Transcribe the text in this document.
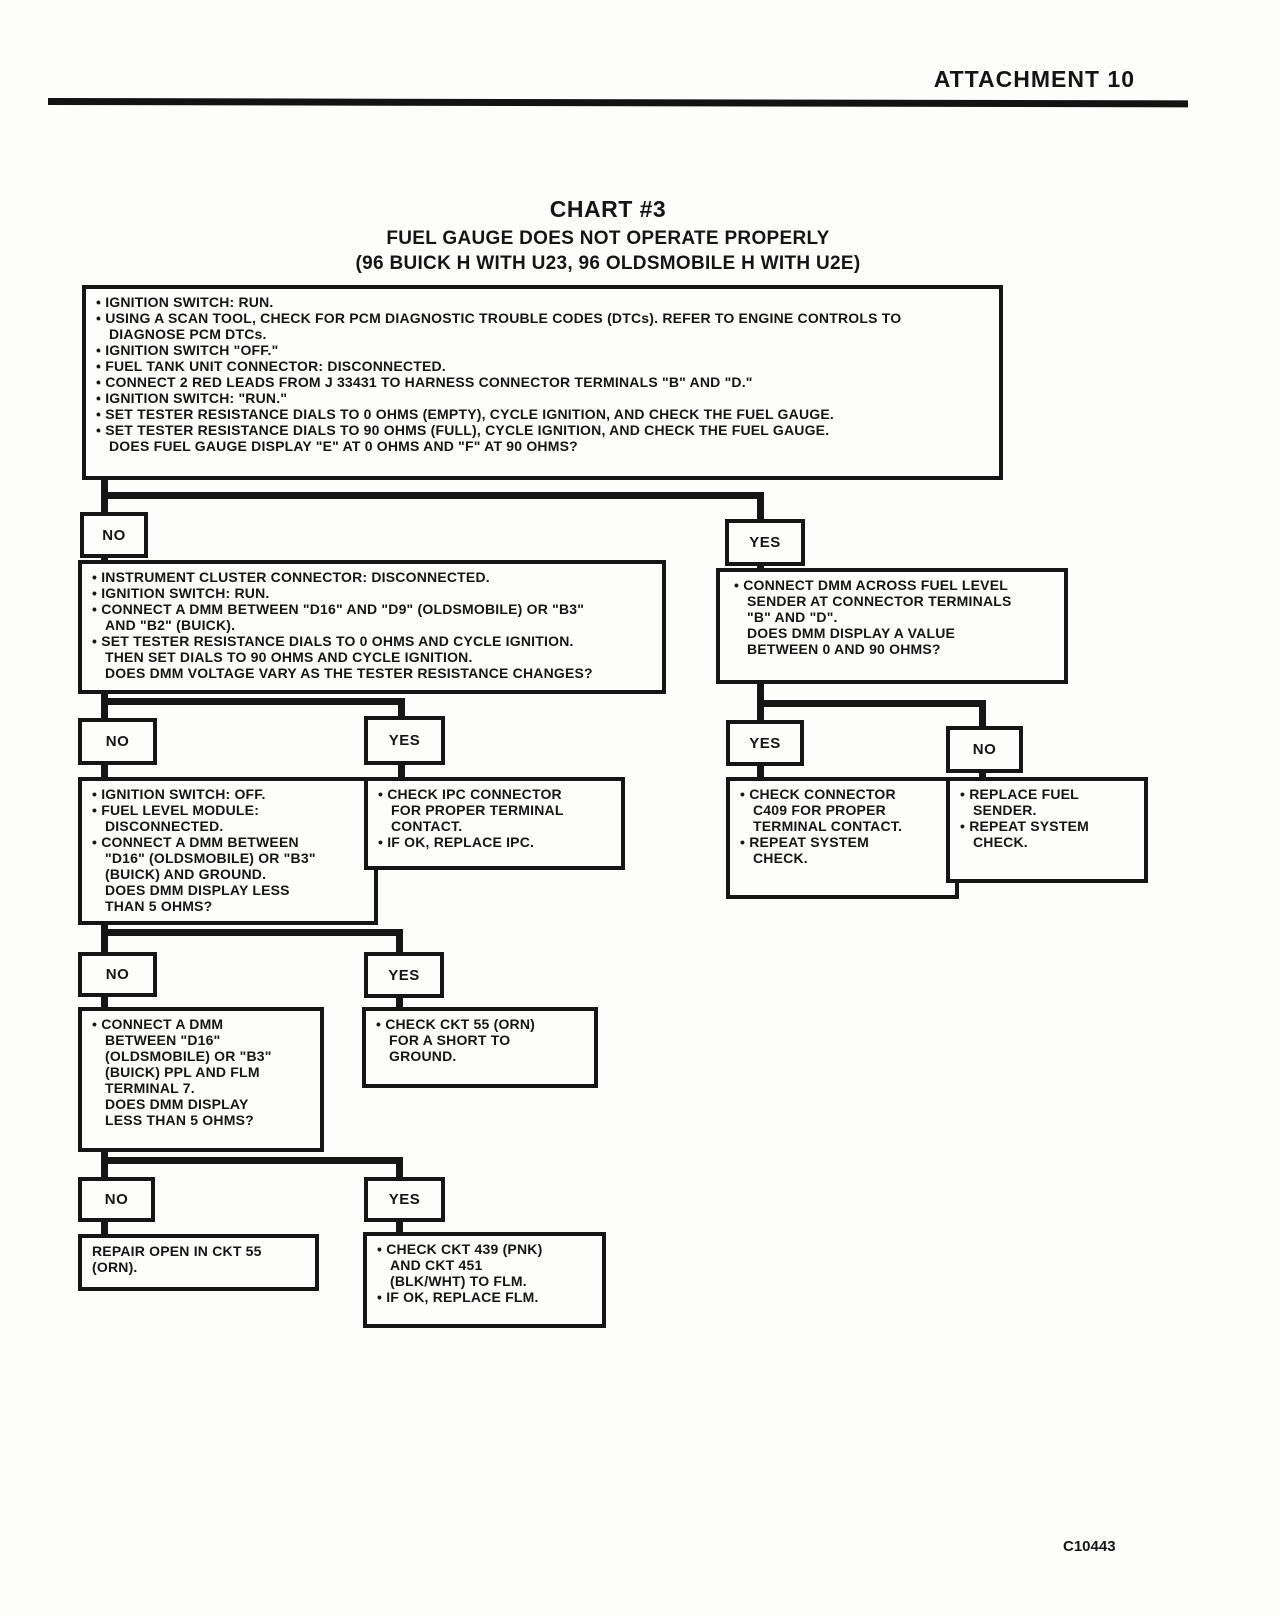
ATTACHMENT 10
CHART #3
FUEL GAUGE DOES NOT OPERATE PROPERLY
(96 BUICK H WITH U23, 96 OLDSMOBILE H WITH U2E)
• IGNITION SWITCH: RUN.
• USING A SCAN TOOL, CHECK FOR PCM DIAGNOSTIC TROUBLE CODES (DTCs). REFER TO ENGINE CONTROLS TO
DIAGNOSE PCM DTCs.
• IGNITION SWITCH "OFF."
• FUEL TANK UNIT CONNECTOR: DISCONNECTED.
• CONNECT 2 RED LEADS FROM J 33431 TO HARNESS CONNECTOR TERMINALS "B" AND "D."
• IGNITION SWITCH: "RUN."
• SET TESTER RESISTANCE DIALS TO 0 OHMS (EMPTY), CYCLE IGNITION, AND CHECK THE FUEL GAUGE.
• SET TESTER RESISTANCE DIALS TO 90 OHMS (FULL), CYCLE IGNITION, AND CHECK THE FUEL GAUGE.
DOES FUEL GAUGE DISPLAY "E" AT 0 OHMS AND "F" AT 90 OHMS?
NO	YES
• INSTRUMENT CLUSTER CONNECTOR: DISCONNECTED.
• IGNITION SWITCH: RUN.
• CONNECT A DMM BETWEEN "D16" AND "D9" (OLDSMOBILE) OR "B3"
AND "B2" (BUICK).
• SET TESTER RESISTANCE DIALS TO 0 OHMS AND CYCLE IGNITION.
THEN SET DIALS TO 90 OHMS AND CYCLE IGNITION.
DOES DMM VOLTAGE VARY AS THE TESTER RESISTANCE CHANGES?
• CONNECT DMM ACROSS FUEL LEVEL
SENDER AT CONNECTOR TERMINALS
"B" AND "D".
DOES DMM DISPLAY A VALUE
BETWEEN 0 AND 90 OHMS?
NO	YES	YES	NO
• IGNITION SWITCH: OFF.
• FUEL LEVEL MODULE:
DISCONNECTED.
• CONNECT A DMM BETWEEN
"D16" (OLDSMOBILE) OR "B3"
(BUICK) AND GROUND.
DOES DMM DISPLAY LESS
THAN 5 OHMS?
• CHECK IPC CONNECTOR
FOR PROPER TERMINAL
CONTACT.
• IF OK, REPLACE IPC.
• CHECK CONNECTOR
C409 FOR PROPER
TERMINAL CONTACT.
• REPEAT SYSTEM
CHECK.
• REPLACE FUEL
SENDER.
• REPEAT SYSTEM
CHECK.
NO	YES
• CONNECT A DMM
BETWEEN "D16"
(OLDSMOBILE) OR "B3"
(BUICK) PPL AND FLM
TERMINAL 7.
DOES DMM DISPLAY
LESS THAN 5 OHMS?
• CHECK CKT 55 (ORN)
FOR A SHORT TO
GROUND.
NO	YES
REPAIR OPEN IN CKT 55
(ORN).
• CHECK CKT 439 (PNK)
AND CKT 451
(BLK/WHT) TO FLM.
• IF OK, REPLACE FLM.
C10443
